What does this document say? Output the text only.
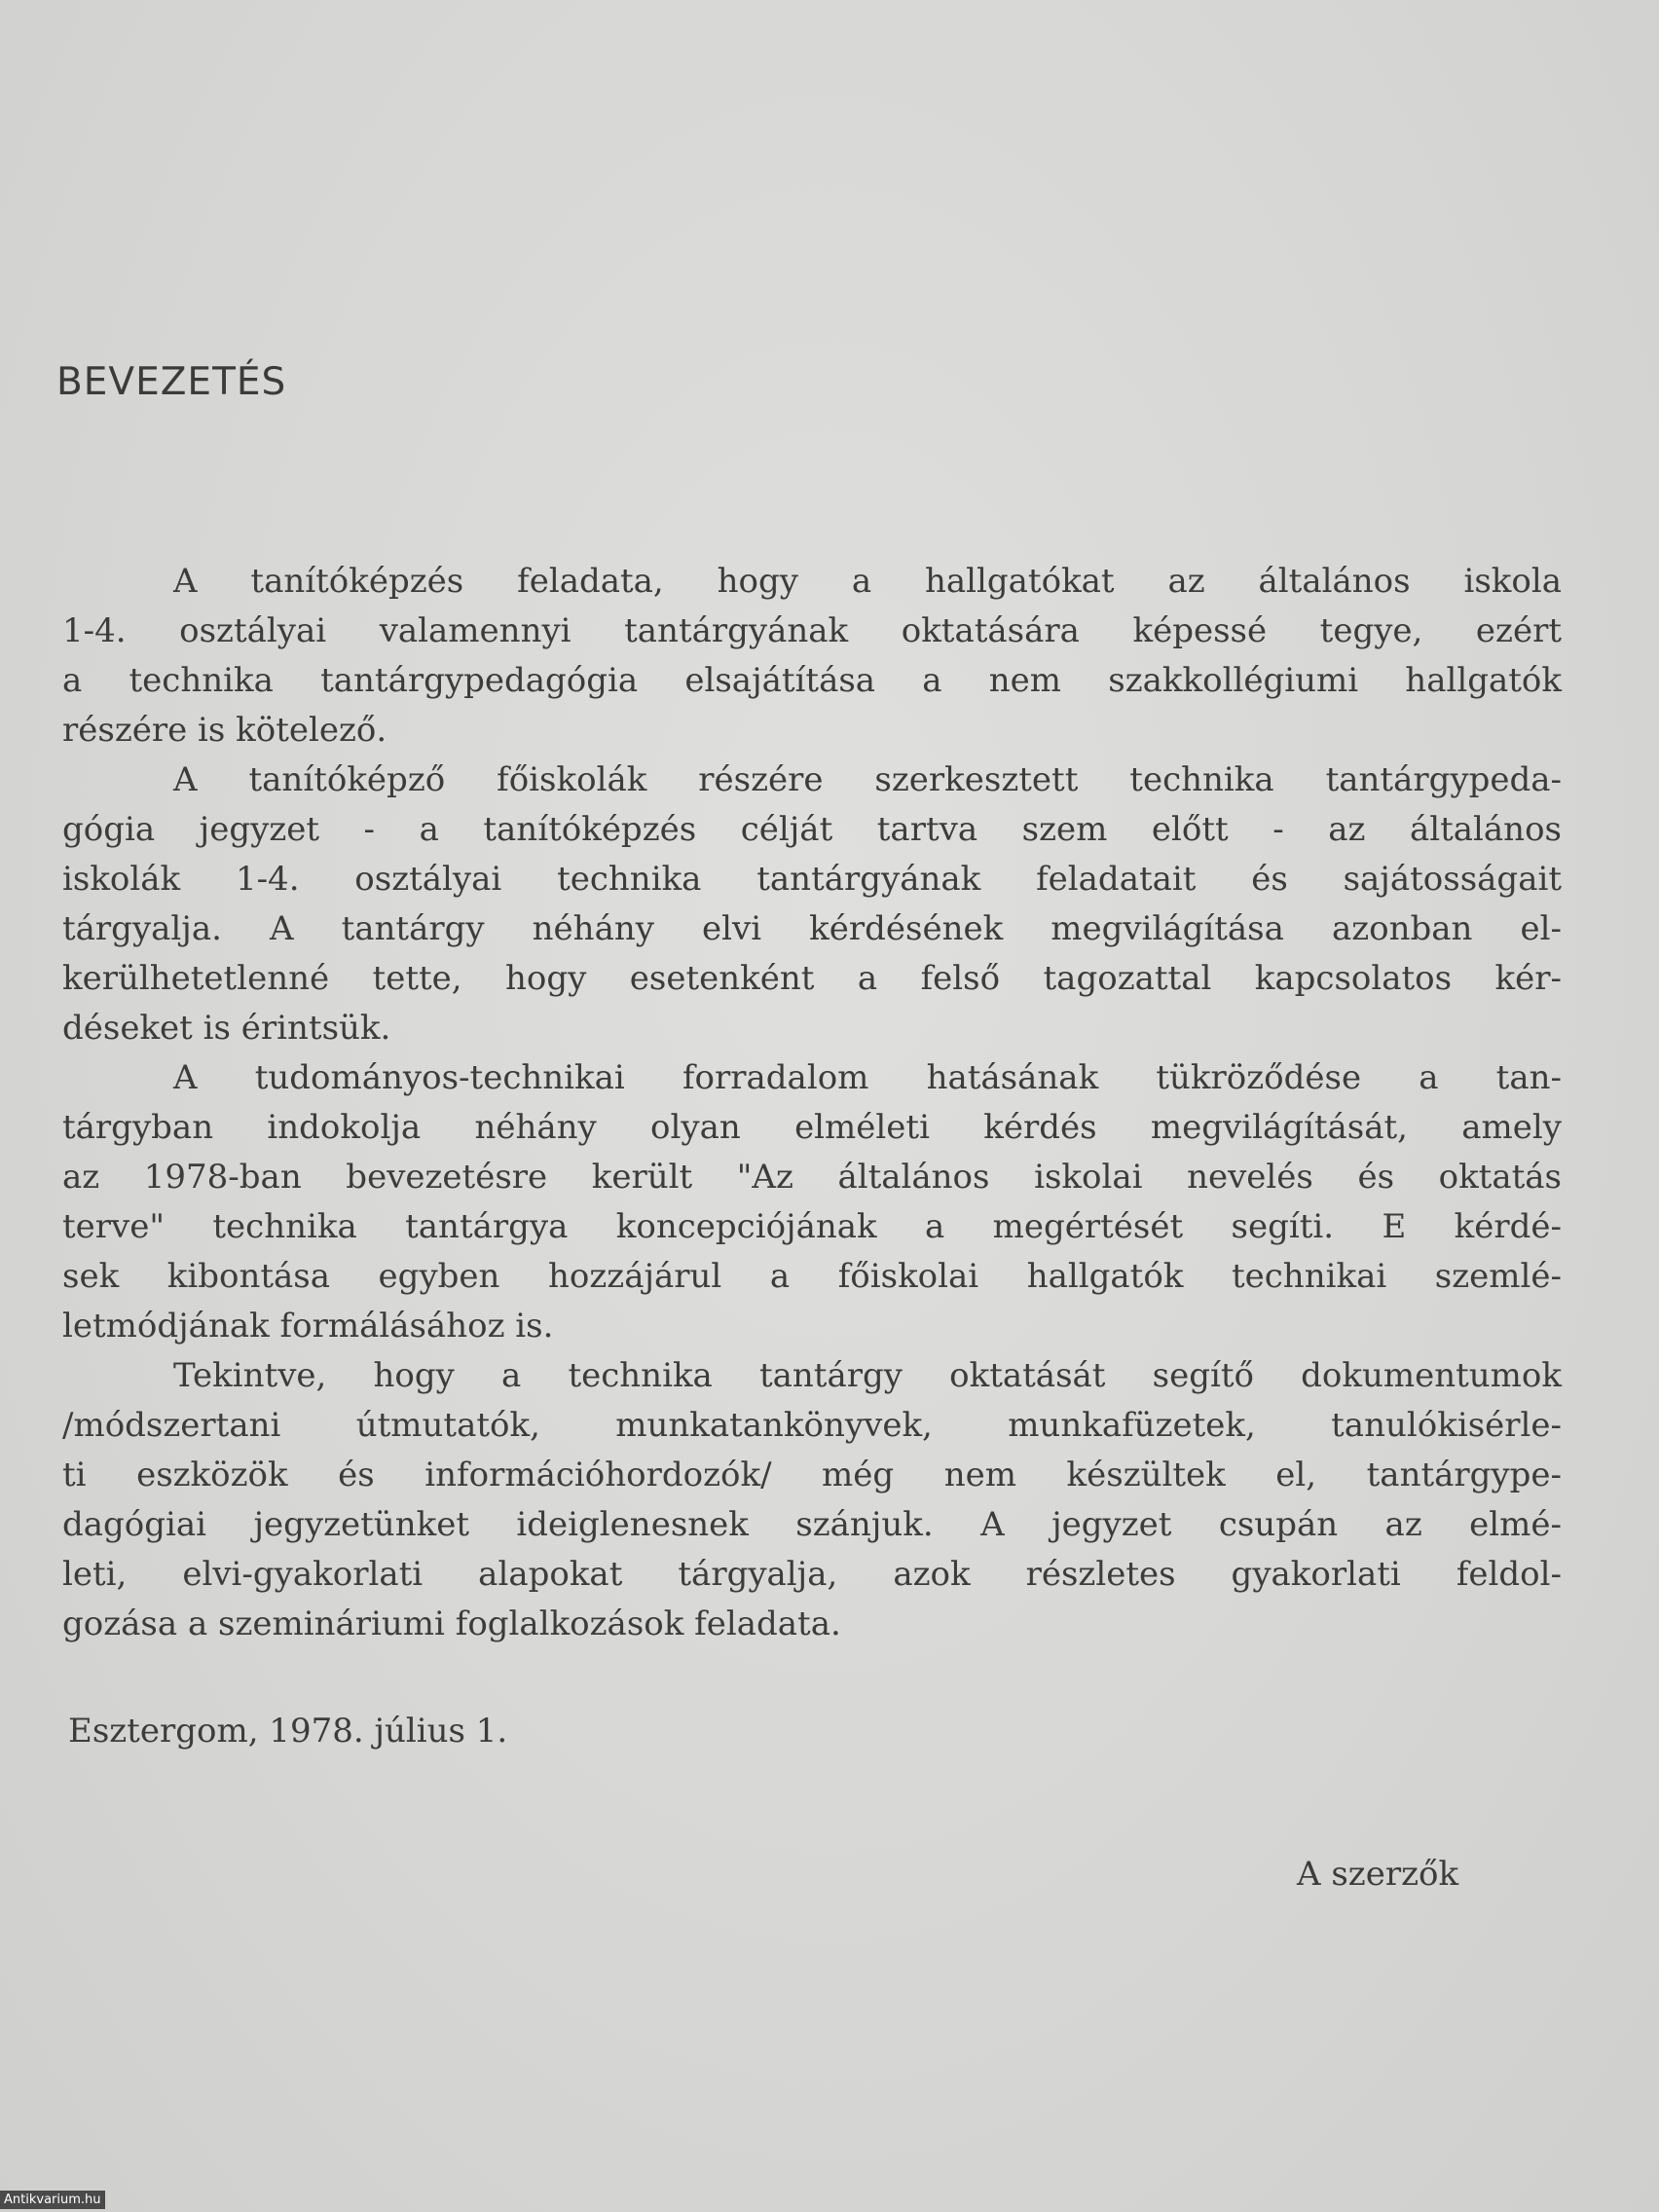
BEVEZETÉS
A tanítóképzés feladata, hogy a hallgatókat az általános iskola
1-4. osztályai valamennyi tantárgyának oktatására képessé tegye, ezért
a technika tantárgypedagógia elsajátítása a nem szakkollégiumi hallgatók
részére is kötelező.
A tanítóképző főiskolák részére szerkesztett technika tantárgypeda-
gógia jegyzet - a tanítóképzés célját tartva szem előtt - az általános
iskolák 1-4. osztályai technika tantárgyának feladatait és sajátosságait
tárgyalja. A tantárgy néhány elvi kérdésének megvilágítása azonban el-
kerülhetetlenné tette, hogy esetenként a felső tagozattal kapcsolatos kér-
déseket is érintsük.
A tudományos-technikai forradalom hatásának tükröződése a tan-
tárgyban indokolja néhány olyan elméleti kérdés megvilágítását, amely
az 1978-ban bevezetésre került "Az általános iskolai nevelés és oktatás
terve" technika tantárgya koncepciójának a megértését segíti. E kérdé-
sek kibontása egyben hozzájárul a főiskolai hallgatók technikai szemlé-
letmódjának formálásához is.
Tekintve, hogy a technika tantárgy oktatását segítő dokumentumok
/módszertani útmutatók, munkatankönyvek, munkafüzetek, tanulókisérle-
ti eszközök és információhordozók/ még nem készültek el, tantárgype-
dagógiai jegyzetünket ideiglenesnek szánjuk. A jegyzet csupán az elmé-
leti, elvi-gyakorlati alapokat tárgyalja, azok részletes gyakorlati feldol-
gozása a szemináriumi foglalkozások feladata.
Esztergom, 1978. július 1.
A szerzők
Antikvarium.hu
